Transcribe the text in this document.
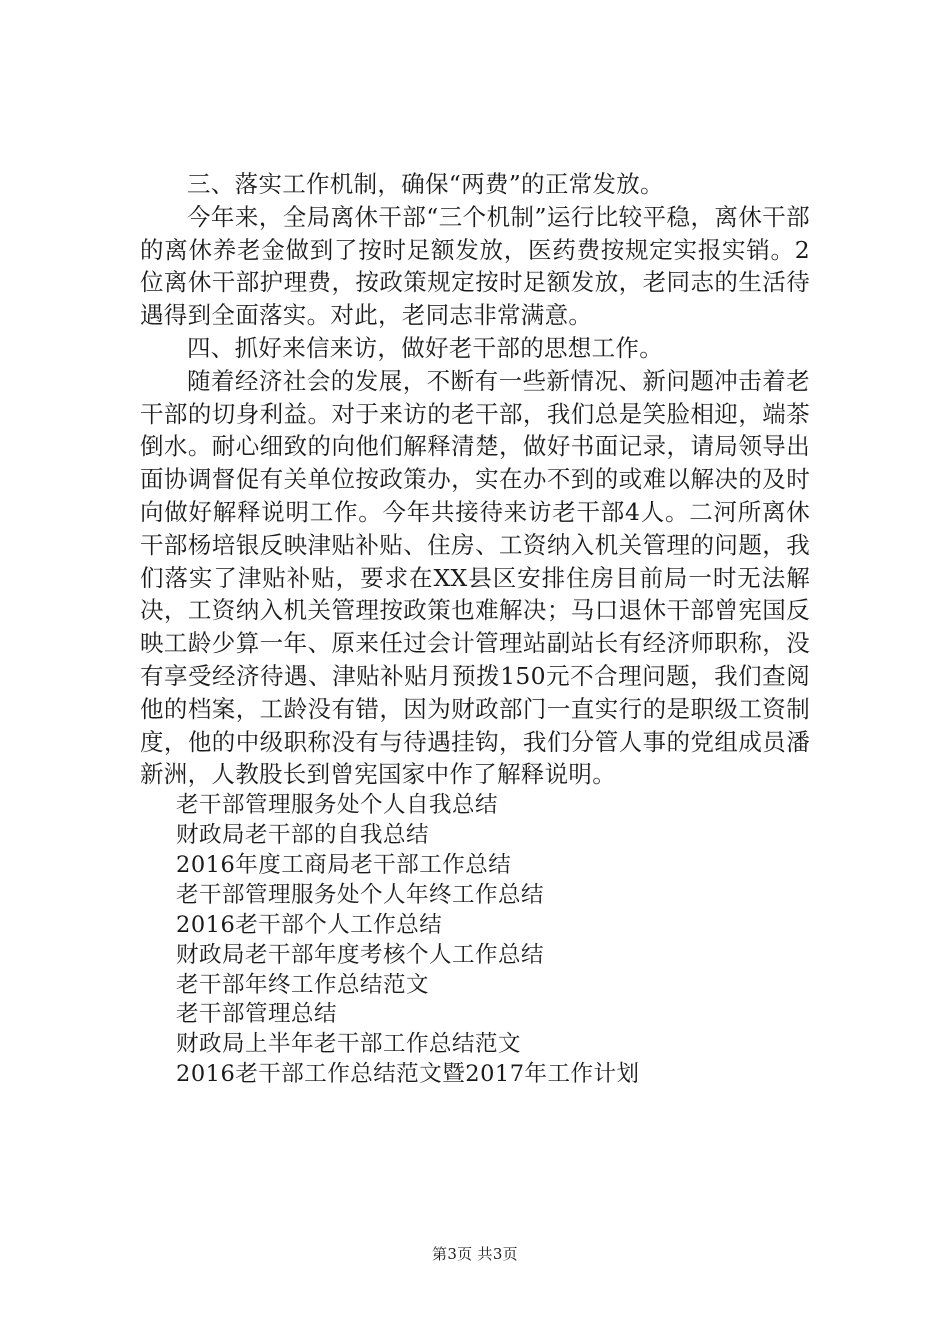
三、落实工作机制，确保“两费”的正常发放。

今年来，全局离休干部“三个机制”运行比较平稳，离休干部的离休养老金做到了按时足额发放，医药费按规定实报实销。2位离休干部护理费，按政策规定按时足额发放，老同志的生活待遇得到全面落实。对此，老同志非常满意。

四、抓好来信来访，做好老干部的思想工作。

随着经济社会的发展，不断有一些新情况、新问题冲击着老干部的切身利益。对于来访的老干部，我们总是笑脸相迎，端茶倒水。耐心细致的向他们解释清楚，做好书面记录，请局领导出面协调督促有关单位按政策办，实在办不到的或难以解决的及时向做好解释说明工作。今年共接待来访老干部4人。二河所离休干部杨培银反映津贴补贴、住房、工资纳入机关管理的问题，我们落实了津贴补贴，要求在XX县区安排住房目前局一时无法解决，工资纳入机关管理按政策也难解决；马口退休干部曾宪国反映工龄少算一年、原来任过会计管理站副站长有经济师职称，没有享受经济待遇、津贴补贴月预拨150元不合理问题，我们查阅他的档案，工龄没有错，因为财政部门一直实行的是职级工资制度，他的中级职称没有与待遇挂钩，我们分管人事的党组成员潘新洲，人教股长到曾宪国家中作了解释说明。

老干部管理服务处个人自我总结
财政局老干部的自我总结
2016年度工商局老干部工作总结
老干部管理服务处个人年终工作总结
2016老干部个人工作总结
财政局老干部年度考核个人工作总结
老干部年终工作总结范文
老干部管理总结
财政局上半年老干部工作总结范文
2016老干部工作总结范文暨2017年工作计划
第3页 共3页
